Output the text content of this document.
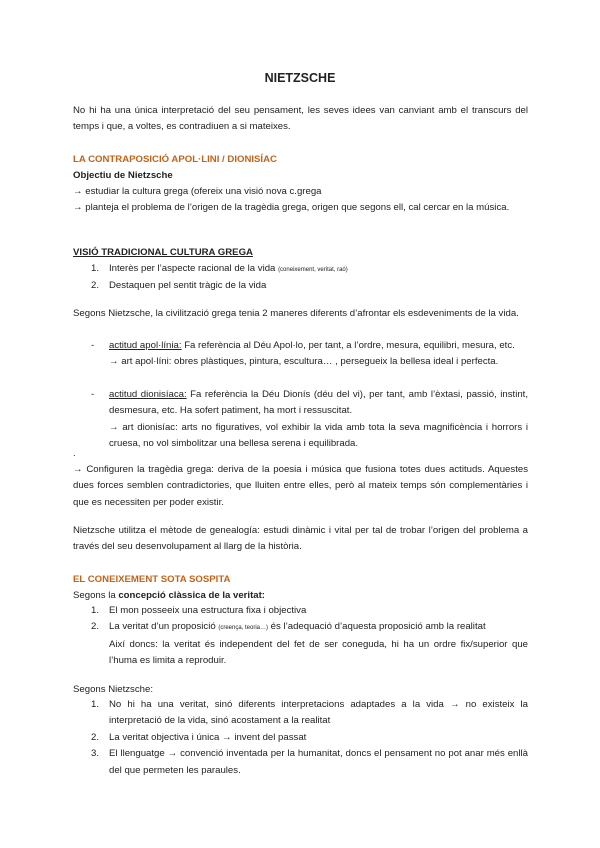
NIETZSCHE

No hi ha una única interpretació del seu pensament, les seves idees van canviant amb el transcurs del temps i que, a voltes, es contradiuen a si mateixes.

LA CONTRAPOSICIÓ APOL·LINI / DIONISÍAC
Objectiu de Nietzsche
→ estudiar la cultura grega (ofereix una visió nova c.grega

→ planteja el problema de l’origen de la tragèdia grega, origen que segons ell, cal cercar en la música.

VISIÓ TRADICIONAL CULTURA GREGA
1. Interès per l’aspecte racional de la vida (coneixement, veritat, raó)
2. Destaquen pel sentit tràgic de la vida

Segons Nietzsche, la civilització grega tenia 2 maneres diferents d’afrontar els esdeveniments de la vida.

- actitud apol·línia: Fa referència al Déu Apol·lo, per tant, a l’ordre, mesura, equilibri, mesura, etc.
→ art apol·líni: obres plàstiques, pintura, escultura… , persegueix la bellesa ideal i perfecta.
- actitud dionisíaca: Fa referència la Déu Dionís (déu del vi), per tant, amb l’èxtasi, passió, instint, desmesura, etc. Ha sofert patiment, ha mort i ressuscitat.
→ art dionisíac: arts no figuratives, vol exhibir la vida amb tota la seva magnificència i horrors i cruesa, no vol simbolitzar una bellesa serena i equilibrada.
.

→ Configuren la tragèdia grega: deriva de la poesia i música que fusiona totes dues actituds. Aquestes dues forces semblen contradictories, que lluiten entre elles, però al mateix temps són complementàries i que es necessiten per poder existir.

Nietzsche utilitza el mètode de genealogía: estudi dinàmic i vital per tal de trobar l’origen del problema a través del seu desenvolupament al llarg de la història.

EL CONEIXEMENT SOTA SOSPITA
Segons la concepció clàssica de la veritat:
1. El mon posseeix una estructura fixa i objectiva
2. La veritat d’un proposició (creença, teoria…) és l’adequació d’aquesta proposició amb la realitat
Així doncs: la veritat és independent del fet de ser coneguda, hi ha un ordre fix/superior que l’huma es limita a reproduir.
Segons Nietzsche:
1. No hi ha una veritat, sinó diferents interpretacions adaptades a la vida → no existeix la interpretació de la vida, sinó acostament a la realitat
2. La veritat objectiva i única → invent del passat
3. El llenguatge → convenció inventada per la humanitat, doncs el pensament no pot anar més enllà del que permeten les paraules.
